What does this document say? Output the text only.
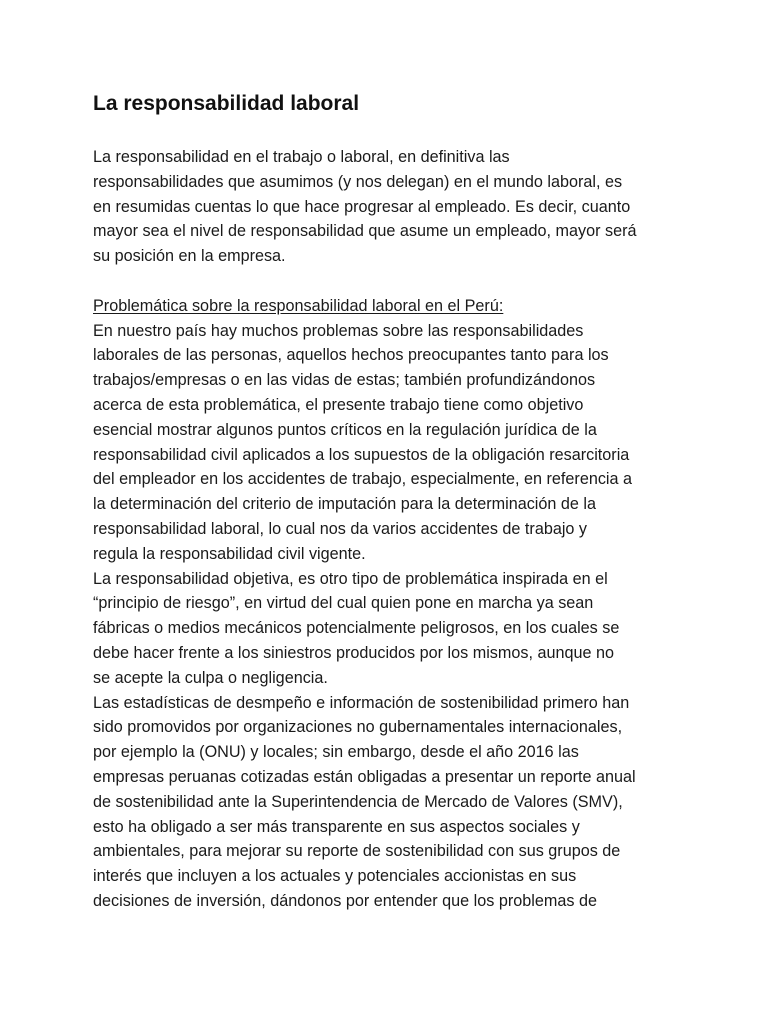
La responsabilidad laboral

La responsabilidad en el trabajo o laboral, en definitiva las

responsabilidades que asumimos (y nos delegan) en el mundo laboral, es

en resumidas cuentas lo que hace progresar al empleado. Es decir, cuanto

mayor sea el nivel de responsabilidad que asume un empleado, mayor será

su posición en la empresa.

Problemática sobre la responsabilidad laboral en el Perú:

En nuestro país hay muchos problemas sobre las responsabilidades

laborales de las personas, aquellos hechos preocupantes tanto para los

trabajos/empresas o en las vidas de estas; también profundizándonos

acerca de esta problemática, el presente trabajo tiene como objetivo

esencial mostrar algunos puntos críticos en la regulación jurídica de la

responsabilidad civil aplicados a los supuestos de la obligación resarcitoria

del empleador en los accidentes de trabajo, especialmente, en referencia a

la determinación del criterio de imputación para la determinación de la

responsabilidad laboral, lo cual nos da varios accidentes de trabajo y

regula la responsabilidad civil vigente.

La responsabilidad objetiva, es otro tipo de problemática inspirada en el

“principio de riesgo”, en virtud del cual quien pone en marcha ya sean

fábricas o medios mecánicos potencialmente peligrosos, en los cuales se

debe hacer frente a los siniestros producidos por los mismos, aunque no

se acepte la culpa o negligencia.

Las estadísticas de desmpeño e información de sostenibilidad primero han

sido promovidos por organizaciones no gubernamentales internacionales,

por ejemplo la (ONU) y locales; sin embargo, desde el año 2016 las

empresas peruanas cotizadas están obligadas a presentar un reporte anual

de sostenibilidad ante la Superintendencia de Mercado de Valores (SMV),

esto ha obligado a ser más transparente en sus aspectos sociales y

ambientales, para mejorar su reporte de sostenibilidad con sus grupos de

interés que incluyen a los actuales y potenciales accionistas en sus

decisiones de inversión, dándonos por entender que los problemas de
